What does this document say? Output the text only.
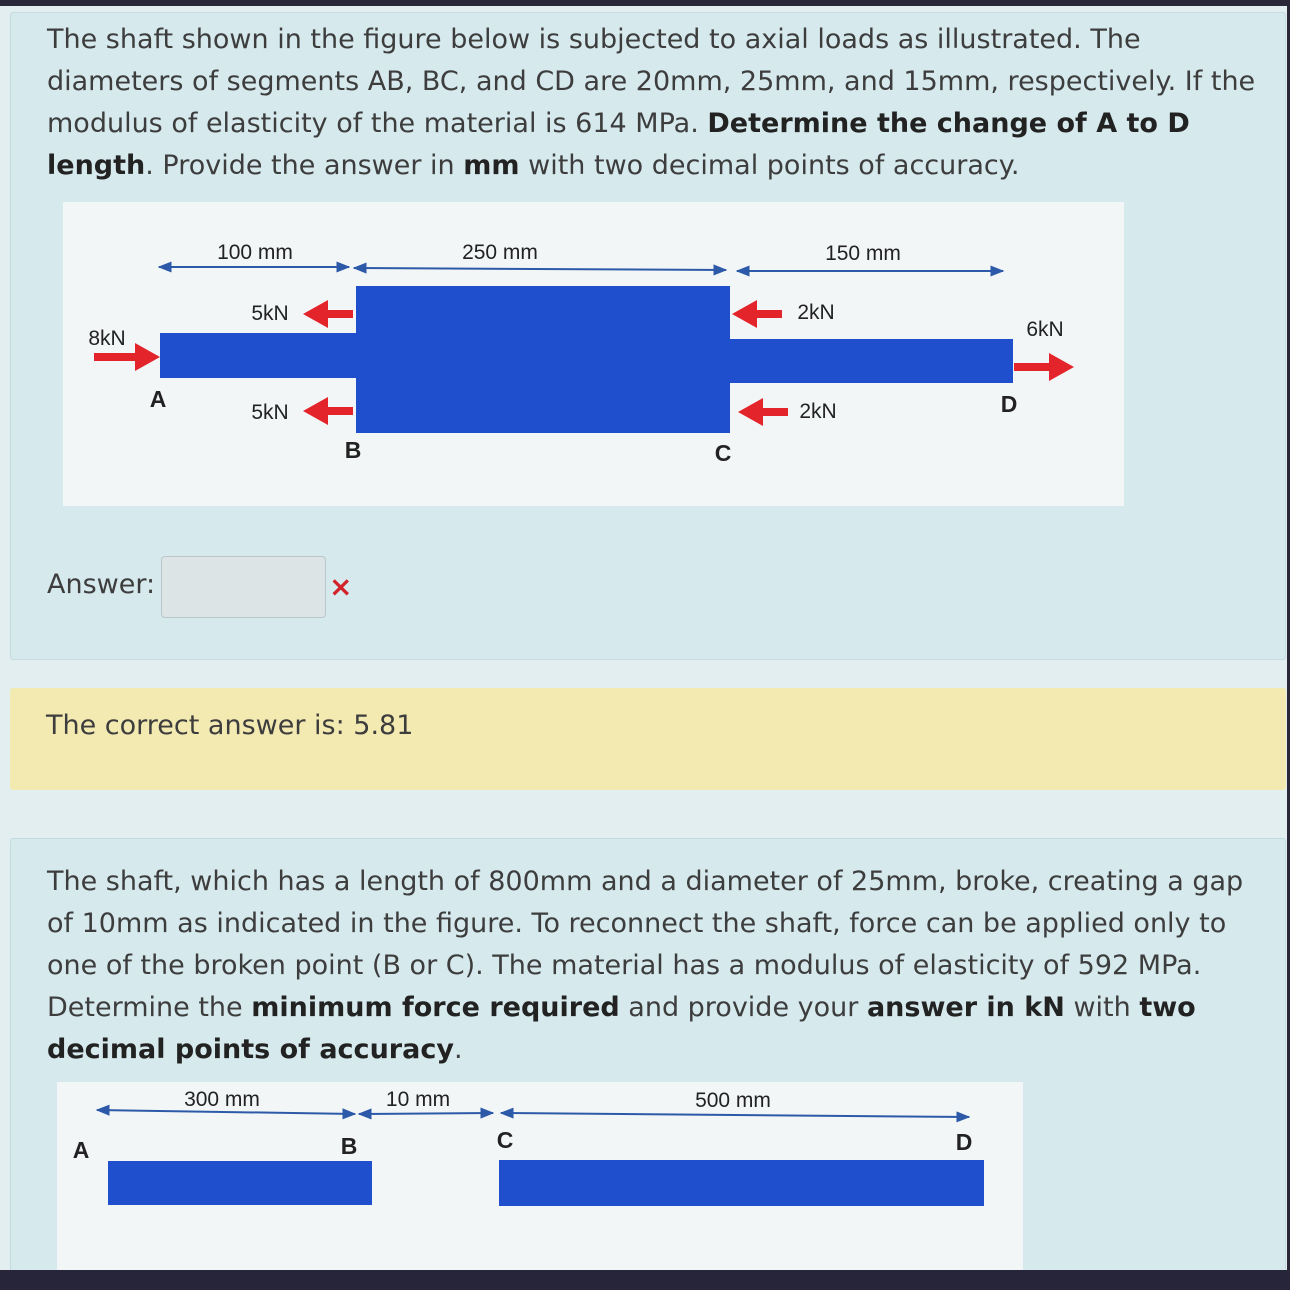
The shaft shown in the figure below is subjected to axial loads as illustrated. The diameters of segments AB, BC, and CD are 20mm, 25mm, and 15mm, respectively. If the modulus of elasticity of the material is 614 MPa. Determine the change of A to D length. Provide the answer in mm with two decimal points of accuracy.

100 mm	250 mm	150 mm
A
B	C
D
8kN
5kN
5kN
2kN
2kN
6kN
Answer:	×
The correct answer is: 5.81

The shaft, which has a length of 800mm and a diameter of 25mm, broke, creating a gap of 10mm as indicated in the figure. To reconnect the shaft, force can be applied only to one of the broken point (B or C). The material has a modulus of elasticity of 592 MPa. Determine the minimum force required and provide your answer in kN with two decimal points of accuracy.

300 mm	10 mm	500 mm
A	B	C	D
